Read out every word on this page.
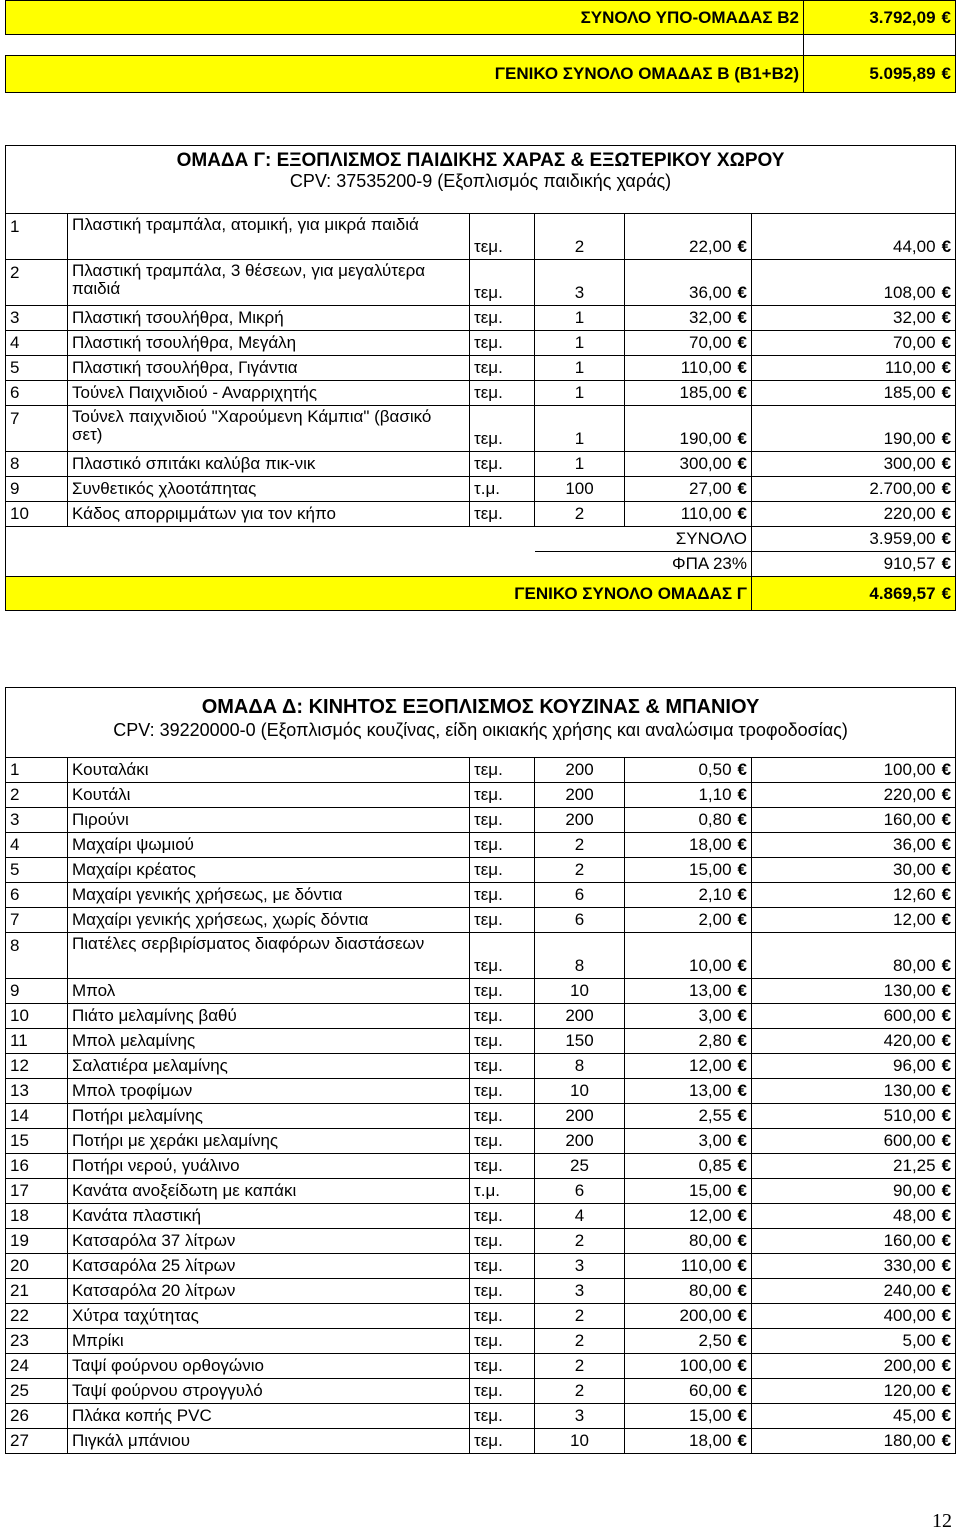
ΣΥΝΟΛΟ ΥΠΟ-ΟΜΑΔΑΣ Β2	3.792,09 €

ΓΕΝΙΚΟ ΣΥΝΟΛΟ ΟΜΑΔΑΣ Β (Β1+Β2)	5.095,89 €
ΟΜΑΔΑ Γ: ΕΞΟΠΛΙΣΜΟΣ ΠΑΙΔΙΚΗΣ ΧΑΡΑΣ & ΕΞΩΤΕΡΙΚΟΥ ΧΩΡΟΥ
CPV: 37535200-9 (Εξοπλισμός παιδικής χαράς)					

1	Πλαστική τραμπάλα, ατομική, για μικρά παιδιά	τεμ.	2	22,00 €	44,00 €
2	Πλαστική τραμπάλα, 3 θέσεων, για μεγαλύτερα παιδιά	τεμ.	3	36,00 €	108,00 €
3	Πλαστική τσουλήθρα, Μικρή	τεμ.	1	32,00 €	32,00 €
4	Πλαστική τσουλήθρα, Μεγάλη	τεμ.	1	70,00 €	70,00 €
5	Πλαστική τσουλήθρα, Γιγάντια	τεμ.	1	110,00 €	110,00 €
6	Τούνελ Παιχνιδιού - Αναρριχητής	τεμ.	1	185,00 €	185,00 €
7	Τούνελ παιχνιδιού "Χαρούμενη Κάμπια" (βασικό σετ)	τεμ.	1	190,00 €	190,00 €
8	Πλαστικό σπιτάκι καλύβα πικ-νικ	τεμ.	1	300,00 €	300,00 €
9	Συνθετικός χλοοτάπητας	τ.μ.	100	27,00 €	2.700,00 €
10	Κάδος απορριμμάτων για τον κήπο	τεμ.	2	110,00 €	220,00 €
			ΣΥΝΟΛΟ		3.959,00 €
			ΦΠΑ 23%		910,57 €
ΓΕΝΙΚΟ ΣΥΝΟΛΟ ΟΜΑΔΑΣ Γ					4.869,57 €
ΟΜΑΔΑ Δ: ΚΙΝΗΤΟΣ ΕΞΟΠΛΙΣΜΟΣ ΚΟΥΖΙΝΑΣ & ΜΠΑΝΙΟΥ
CPV: 39220000-0 (Εξοπλισμός κουζίνας, είδη οικιακής χρήσης και αναλώσιμα τροφοδοσίας)					

1	Κουταλάκι	τεμ.	200	0,50 €	100,00 €
2	Κουτάλι	τεμ.	200	1,10 €	220,00 €
3	Πιρούνι	τεμ.	200	0,80 €	160,00 €
4	Μαχαίρι ψωμιού	τεμ.	2	18,00 €	36,00 €
5	Μαχαίρι κρέατος	τεμ.	2	15,00 €	30,00 €
6	Μαχαίρι γενικής χρήσεως, με δόντια	τεμ.	6	2,10 €	12,60 €
7	Μαχαίρι γενικής χρήσεως, χωρίς δόντια	τεμ.	6	2,00 €	12,00 €
8	Πιατέλες σερβιρίσματος διαφόρων διαστάσεων	τεμ.	8	10,00 €	80,00 €
9	Μπολ	τεμ.	10	13,00 €	130,00 €
10	Πιάτο μελαμίνης βαθύ	τεμ.	200	3,00 €	600,00 €
11	Μπολ μελαμίνης	τεμ.	150	2,80 €	420,00 €
12	Σαλατιέρα μελαμίνης	τεμ.	8	12,00 €	96,00 €
13	Μπολ τροφίμων	τεμ.	10	13,00 €	130,00 €
14	Ποτήρι μελαμίνης	τεμ.	200	2,55 €	510,00 €
15	Ποτήρι με χεράκι μελαμίνης	τεμ.	200	3,00 €	600,00 €
16	Ποτήρι νερού, γυάλινο	τεμ.	25	0,85 €	21,25 €
17	Κανάτα ανοξείδωτη με καπάκι	τ.μ.	6	15,00 €	90,00 €
18	Κανάτα πλαστική	τεμ.	4	12,00 €	48,00 €
19	Κατσαρόλα 37 λίτρων	τεμ.	2	80,00 €	160,00 €
20	Κατσαρόλα 25 λίτρων	τεμ.	3	110,00 €	330,00 €
21	Κατσαρόλα 20 λίτρων	τεμ.	3	80,00 €	240,00 €
22	Χύτρα ταχύτητας	τεμ.	2	200,00 €	400,00 €
23	Μπρίκι	τεμ.	2	2,50 €	5,00 €
24	Ταψί φούρνου ορθογώνιο	τεμ.	2	100,00 €	200,00 €
25	Ταψί φούρνου στρογγυλό	τεμ.	2	60,00 €	120,00 €
26	Πλάκα κοπής PVC	τεμ.	3	15,00 €	45,00 €
27	Πιγκάλ μπάνιου	τεμ.	10	18,00 €	180,00 €
12
